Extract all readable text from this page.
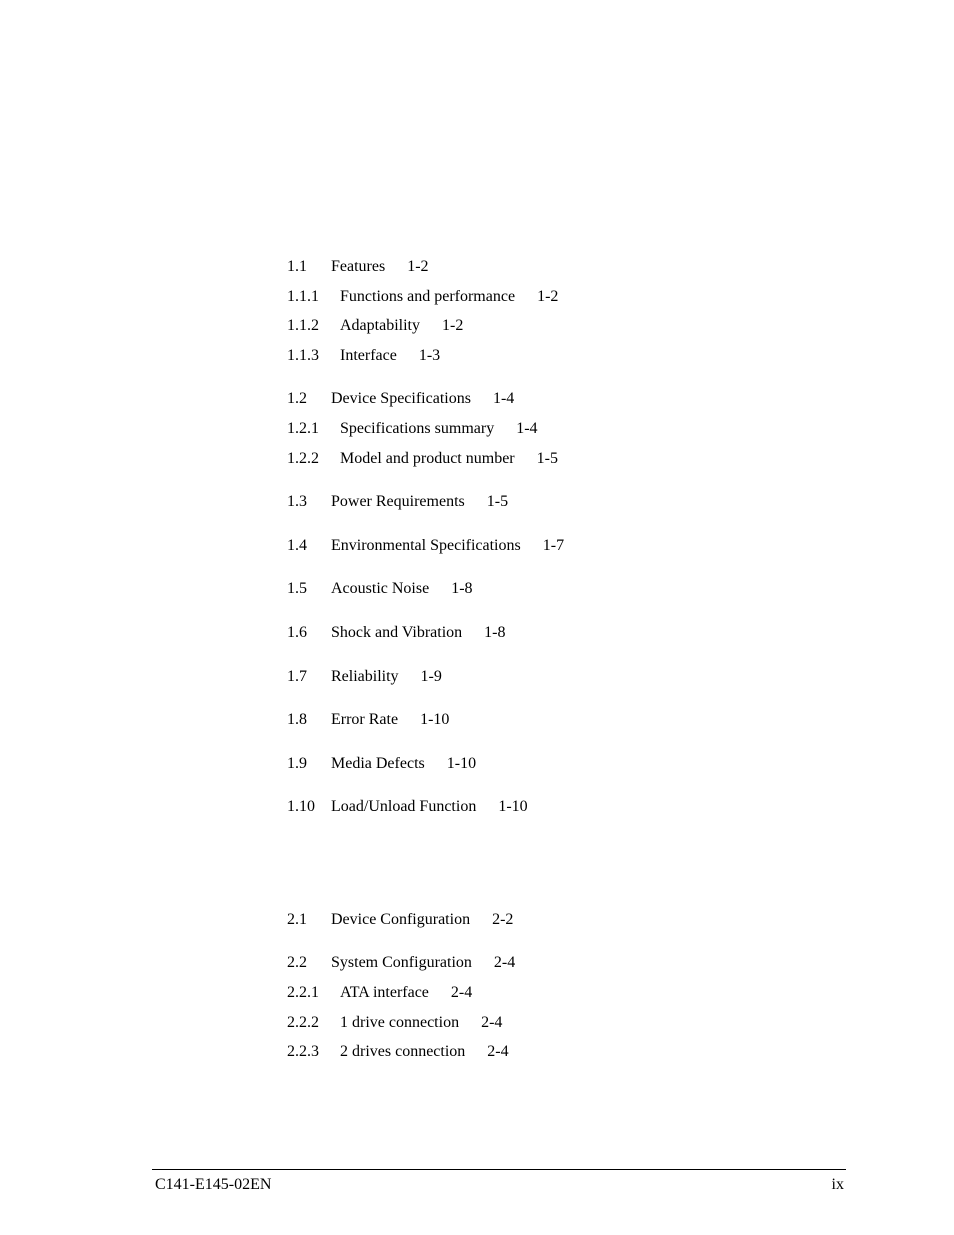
1.1 Features 1-2
1.1.1 Functions and performance 1-2
1.1.2 Adaptability 1-2
1.1.3 Interface 1-3
1.2 Device Specifications 1-4
1.2.1 Specifications summary 1-4
1.2.2 Model and product number 1-5
1.3 Power Requirements 1-5
1.4 Environmental Specifications 1-7
1.5 Acoustic Noise 1-8
1.6 Shock and Vibration 1-8
1.7 Reliability 1-9
1.8 Error Rate 1-10
1.9 Media Defects 1-10
1.10 Load/Unload Function 1-10
2.1 Device Configuration 2-2
2.2 System Configuration 2-4
2.2.1 ATA interface 2-4
2.2.2 1 drive connection 2-4
2.2.3 2 drives connection 2-4
C141-E145-02EN	ix
